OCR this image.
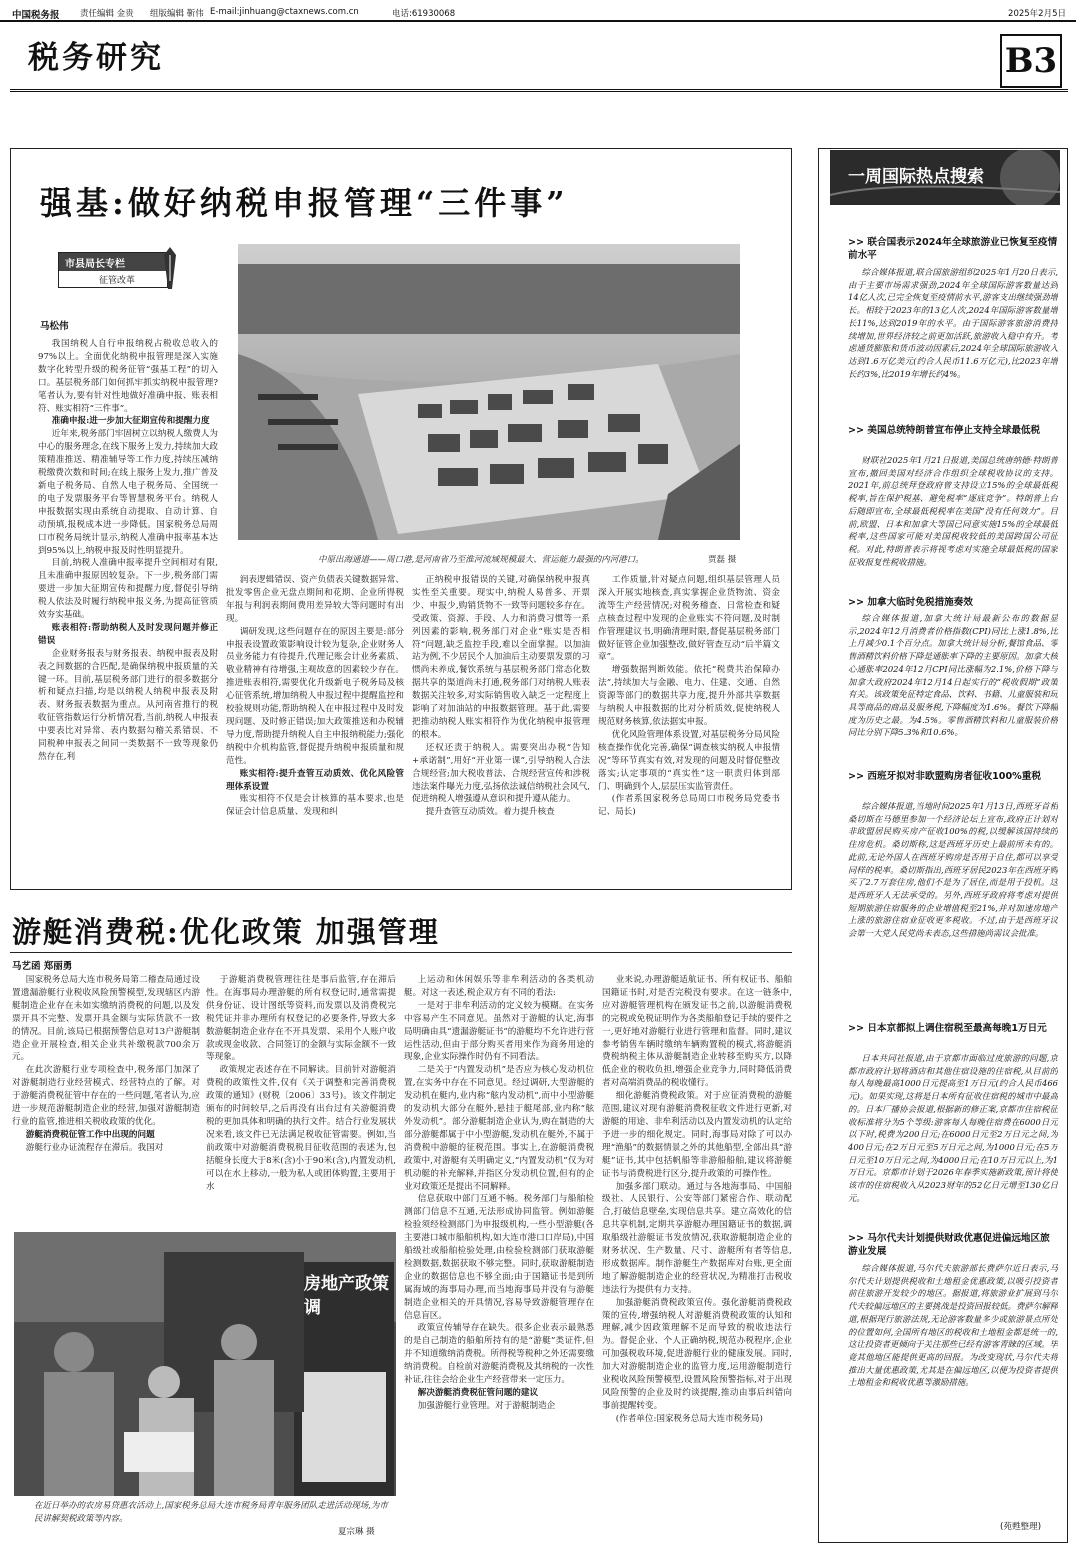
中国税务报 责任编辑 金贵 组版编辑 靳伟 E-mail:jinhuang@ctaxnews.com.cn	电话:61930068	2025年2月5日
税务研究	B3
强基:做好纳税申报管理“三件事”
市县局长专栏
征管改革
马松伟
中原出海通道——周口港,是河南省乃至淮河流域规模最大、营运能力最强的内河港口。	贾磊 摄

我国纳税人自行申报纳税占税收总收入的97%以上。全面优化纳税申报管理是深入实施数字化转型升级的税务征管“强基工程”的切入口。基层税务部门如何抓牢抓实纳税申报管理?笔者认为,要有针对性地做好准确申报、账表相符、账实相符“三件事”。

准确申报:进一步加大征期宣传和提醒力度

近年来,税务部门牢固树立以纳税人缴费人为中心的服务理念,在线下服务上发力,持续加大政策精准推送、精准辅导等工作力度,持续压减纳税缴费次数和时间;在线上服务上发力,推广普及新电子税务局、自然人电子税务局、全国统一的电子发票服务平台等智慧税务平台。纳税人申报数据实现由系统自动提取、自动计算、自动预填,报税成本进一步降低。国家税务总局周口市税务局统计显示,纳税人准确申报率基本达到95%以上,纳税申报及时性明显提升。

目前,纳税人准确申报率提升空间相对有限,且未准确申报原因较复杂。下一步,税务部门需要进一步加大征期宣传和提醒力度,督促引导纳税人依法及时履行纳税申报义务,为提高征管质效夯实基础。

账表相符:帮助纳税人及时发现问题并修正错误

企业财务报表与财务报表、纳税申报表及附表之间数据的合匹配,是确保纳税申报质量的关键一环。目前,基层税务部门进行的很多数据分析和疑点扫描,均是以纳税人纳税申报表及附表、财务报表数据为重点。从河南省推行的税收征管指数运行分析情况看,当前,纳税人申报表中要表比对异常、表内数据勾稽关系错误、不同税种申报表之间同一类数据不一致等现象仍然存在,利

润表逻辑错误、资产负债表关键数据异常、批发零售企业无盘点期间和花期、企业所得税年报与利润表期间费用差异较大等问题时有出现。

调研发现,这些问题存在的原因主要是:部分申报表设置政策影响设计较为复杂,企业财务人员业务能力有待提升,代理记账会计业务素质、敬业精神有待增强,主观故意的因素较少存在。推进账表相符,需要优化升级新电子税务局及核心征管系统,增加纳税人申报过程中提醒监控和校验规则功能,帮助纳税人在申报过程中及时发现问题、及时修正错误;加大政策推送和办税辅导力度,帮助提升纳税人自主申报纳税能力;强化纳税中介机构监管,督促提升纳税申报质量和规范性。

账实相符:提升查管互动质效、优化风险管理体系设置

账实相符不仅是会计核算的基本要求,也是保证会计信息质量、发现和纠

正纳税申报错误的关键,对确保纳税申报真实性至关重要。现实中,纳税人易普多、开票少、申报少,购销货物不一致等问题较多存在。受政策、资源、手段、人力和消费习惯等一系列因素的影响,税务部门对企业“账实是否相符”问题,缺乏监控手段,难以全面掌握。以加油站为例,不少居民个人加油后主动要票发票的习惯尚未养成,餐饮系统与基层税务部门常态化数据共享的渠道尚未打通,税务部门对纳税人账表数据关注较多,对实际销售收入缺乏一定程度上影响了对加油站的申报数据管理。基于此,需要把推动纳税人账实相符作为优化纳税申报管理的根本。

还权还责于纳税人。需要突出办税“告知+承诺制”,用好“开业第一课”,引导纳税人合法合规经营;加大税收普法、合规经营宣传和涉税违法案件曝光力度,弘扬依法诚信纳税社会风气,促进纳税人增强遵从意识和提升遵从能力。

提升查管互动质效。着力提升核查

工作质量,针对疑点问题,组织基层管理人员深入开展实地核查,真实掌握企业货物流、资金流等生产经营情况;对税务稽查、日常检查和疑点核查过程中发现的企业账实不符问题,及时制作管理建议书,明确清理时限,督促基层税务部门做好征管企业加强整改,做好管查互动“后半篇文章”。

增强数据判断效能。依托“税费共治保障办法”,持续加大与金融、电力、住建、交通、自然资源等部门的数据共享力度,提升外部共享数据与纳税人申报数据的比对分析质效,促使纳税人规范财务核算,依法据实申报。

优化风险管理体系设置,对基层税务分局风险核查操作优化完善,确保“调查核实纳税人申报情况”等环节真实有效,对发现的问题及时督促整改落实;认定事项的“真实性”这一职责归体到部门、明确到个人,层层压实监管责任。

(作者系国家税务总局周口市税务局党委书记、局长)

游艇消费税:优化政策 加强管理
马艺函 郑丽勇

国家税务总局大连市税务局第二稽查局通过设置遗漏游艇行业税收风险预警模型,发现辖区内游艇制造企业存在未如实缴纳消费税的问题,以及发票开具不完整、发票开具金额与实际货款不一致的情况。目前,该局已根据预警信息对13户游艇制造企业开展检查,相关企业共补缴税款700余万元。

在此次游艇行业专项检查中,税务部门加深了对游艇制造行业经营模式、经营特点的了解。对于游艇消费税征管中存在的一些问题,笔者认为,应进一步规范游艇制造企业的经营,加强对游艇制造行业的监管,推进相关税收政策的优化。

游艇消费税征管工作中出现的问题

游艇行业办证流程存在滞后。我国对

于游艇消费税管理往往是事后监管,存在滞后性。在海事局办理游艇的所有权登记时,通常需提供身份证、设计图纸等资料,而发票以及消费税完税凭证并非办理所有权登记的必要条件,导致大多数游艇制造企业存在不开具发票、采用个人账户收款或现金收款、合同签订的金额与实际金额不一致等现象。

政策规定表述存在不同解读。目前针对游艇消费税的政策性文件,仅有《关于调整和完善消费税政策的通知》(财税〔2006〕33号)。该文件制定颁布的时间较早,之后再没有出台过有关游艇消费税的更加具体和明确的执行文件。结合行业发展状况来看,该文件已无法满足税收征管需要。例如,当前政策中对游艇消费税税目征收范围的表述为,包括艇身长度大于8米(含)小于90米(含),内置发动机,可以在水上移动,一般为私人或团体购置,主要用于水

上运动和休闲娱乐等非牟利活动的各类机动艇。对这一表述,税企双方有不同的看法:

一是对于非牟利活动的定义较为模糊。在实务中容易产生不同意见。虽然对于游艇的认定,海事局明确由具“遗漏游艇证书”的游艇均不允许进行营运性活动,但由于部分购买者用来作为商务用途的现象,企业实际操作时仍有不同看法。

二是关于“内置发动机”是否应为核心发动机位置,在实务中存在不同意见。经过调研,大型游艇的发动机在艇内,业内称“舷内发动机”,而中小型游艇的发动机大部分在艇外,悬挂于艇尾部,业内称“舷外发动机”。部分游艇制造企业认为,购在制造的大部分游艇都属于中小型游艇,发动机在艇外,不属于消费税中游艇的征税范围。事实上,在游艇消费税政策中,对游艇有关明确定义,“内置发动机”仅为对机动艇的补充解释,并指区分发动机位置,但有的企业对政策还是提出不同解释。

信息获取中部门互通不畅。税务部门与船舶检测部门信息不互通,无法形成协同监管。例如游艇检验须经检测部门为申报级机构,一些小型游艇(各主要港口城市船舶机构,如大连市港口口岸局),中国船级社或船舶检验处理,由检验检测部门获取游艇检测数据,数据获取不够完整。同时,获取游艇制造企业的数据信息也不够全面;由于国籍证书是到所属海域的海事局办理,而当地海事局并没有与游艇制造企业相关的开具情况,容易导致游艇管理存在信息盲区。

政策宣传辅导存在缺失。很多企业表示最熟悉的是自己制造的船舶所持有的是“游艇”类证件,但并不知道缴纳消费税。所得税等税种之外还需要缴纳消费税。自检前对游艇消费税及其纳税的一次性补证,往往会给企业生产经营带来一定压力。

解决游艇消费税征管问题的建议

加强游艇行业管理。对于游艇制造企

业来说,办理游艇适航证书、所有权证书、船舶国籍证书时,对是否完税没有要求。在这一链条中,应对游艇管理机构在颁发证书之前,以游艇消费税的完税或免税证明作为各类船舶登记手续的要件之一,更好地对游艇行业进行管理和监督。同时,建议参考销售车辆时缴纳车辆购置税的模式,将游艇消费税纳税主体从游艇制造企业转移至购买方,以降低企业的税收负担,增强企业竞争力,同时降低消费者对高端消费品的税收懂行。

细化游艇消费税政策。对于应征消费税的游艇范围,建议对现有游艇消费税征收文件进行更新,对游艇的用途、非牟利活动以及内置发动机的认定给予进一步的细化规定。同时,海事局对除了可以办理“渔船”的数据情景之外的其他船型,全部出具“游艇”证书,其中包括帆船等非游船船舶,建议将游艇证书与消费税进行区分,提升政策的可操作性。

加强多部门联动。通过与各地海事局、中国船级社、人民银行、公安等部门紧密合作、联动配合,打破信息壁垒,实现信息共享。建立高效化的信息共享机制,定期共享游艇办理国籍证书的数据,调取船级社游艇证书发放情况,获取游艇制造企业的财务状况、生产数量、尺寸、游艇所有者等信息,形成数据库。制作游艇生产数据库对台账,更全面地了解游艇制造企业的经营状况,为精准打击税收违法行为提供有力支持。

加强游艇消费税政策宣传。强化游艇消费税政策的宣传,增强纳税人对游艇消费税政策的认知和理解,减少因政策理解不足而导致的税收违法行为。督促企业、个人正确纳税,规范办税程序,企业可加强税收环境,促进游艇行业的健康发展。同时,加大对游艇制造企业的监管力度,运用游艇制造行业税收风险预警模型,设置风险预警指标,对于出现风险预警的企业及时约谈提醒,推动由事后纠错向事前提醒转变。

(作者单位:国家税务总局大连市税务局)

房地产政策调
在近日举办的农房易贷惠农活动上,国家税务总局大连市税务局青年服务团队走进活动现场,为市民讲解契税政策等内容。
夏宗琳 摄
一周国际热点搜索
>> 联合国表示2024年全球旅游业已恢复至疫情前水平

综合媒体报道,联合国旅游组织2025年1月20日表示,由于主要市场需求强劲,2024年全球国际游客数量达到14亿人次,已完全恢复至疫情前水平,游客支出继续强劲增长。相较于2023年的13亿人次,2024年国际游客数量增长11%,达到2019年的水平。由于国际游客旅游消费持续增加,世界经济较之前更加活跃,旅游收入稳中有升。考虑通货膨胀和货币波动因素后,2024年全球国际旅游收入达到1.6万亿美元(约合人民币11.6万亿元),比2023年增长约3%,比2019年增长约4%。

>> 美国总统特朗普宣布停止支持全球最低税

财联社2025年1月21日报道,美国总统唐纳德·特朗普宣布,撤回美国对经济合作组织全球税收协议的支持。2021年,前总统拜登政府曾支持设立15%的全球最低税税率,旨在保护税基、避免税率“逐底竞争”。特朗普上台后随即宣布,全球最低税税率在美国“没有任何效力”。目前,欧盟、日本和加拿大等国已同意实施15%的全球最低税率,这些国家可能对美国税收较低的美国跨国公司征税。对此,特朗普表示将视考虑对实施全球最低税的国家征收报复性税收措施。

>> 加拿大临时免税措施奏效

综合媒体报道,加拿大统计局最新公布的数据显示,2024年12月消费者价格指数(CPI)同比上涨1.8%,比上月减少0.1个百分点。加拿大统计局分析,餐馆食品、零售酒精饮料价格下降是通胀率下降的主要原因。加拿大核心通胀率2024年12月CPI同比涨幅为2.1%,价格下降与加拿大政府2024年12月14日起实行的“税收假期”政策有关。该政策免征特定食品、饮料、书籍、儿童服装和玩具等商品的商品及服务税,下降幅度为1.6%。餐饮下降幅度为历史之最。为4.5%。零售酒精饮料和儿童服装价格同比分别下降5.3%和10.6%。

>> 西班牙拟对非欧盟购房者征收100%重税

综合媒体报道,当地时间2025年1月13日,西班牙首相桑切斯在马德里参加一个经济论坛上宣布,政府正计划对非欧盟居民购买房产征收100%的税,以缓解该国持续的住房危机。桑切斯称,这是西班牙历史上最前所未有的。此前,无论外国人在西班牙购房是否用于自住,都可以享受同样的税率。桑切斯指出,西班牙居民2023年在西班牙购买了2.7万套住房,他们不是为了居住,而是用于投机。这是西班牙人无法承受的。另外,西班牙政府将考虑对提供短期旅游住宿服务的企业增值税至21%,并对加速房地产上涨的旅游住宿业征收更多税收。不过,由于是西班牙议会第一大党人民党尚未表态,这些措施尚需议会批准。

>> 日本京都拟上调住宿税至最高每晚1万日元

日本共同社报道,由于京都市面临过度旅游的问题,京都市政府计划将酒店和其他住宿设施的住宿税,从目前的每人每晚最高1000日元提高至1万日元(约合人民币466元)。如果实现,这将是日本所有征收住宿税的城市中最高的。日本厂播协会报道,根据新的修正案,京都市住宿税征收标准将分为5个等级:游客每人每晚住宿费在6000日元以下时,税费为200日元;在6000日元至2万日元之间,为400日元;在2万日元至5万日元之间,为1000日元;在5万日元至10万日元之间,为4000日元;在10万日元以上,为1万日元。京都市计划于2026年春季实施新政策,预计将使该市的住宿税收入从2023财年的52亿日元增至130亿日元。

>> 马尔代夫计划提供财政优惠促进偏远地区旅游业发展

综合媒体报道,马尔代夫旅游部长费萨尔近日表示,马尔代夫计划提供税收和土地租金优惠政策,以吸引投资者前往旅游开发较少的地区。据报道,将旅游业扩展到马尔代夫较偏远地区的主要挑战是投资回报较低。费萨尔解释道,根据现行旅游法规,无论游客数量多少或旅游景点所处的位置如何,全国所有地区的税收和土地租金都是统一的,这让投资者更倾向于关注那些已经有游客青睐的区域。毕竟其他地区能提供更高的回报。为改变现状,马尔代夫将推出大量优惠政策,尤其是在偏远地区,以便为投资者提供土地租金和税收优惠等激励措施。

(苑甦整理)
